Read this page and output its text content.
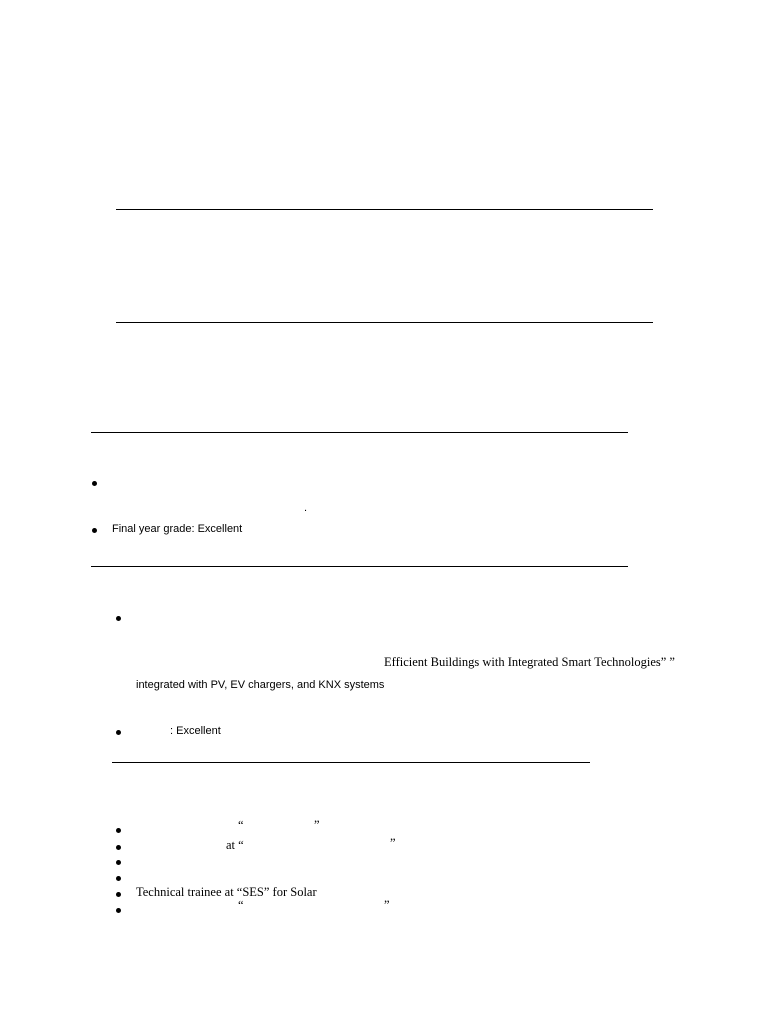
.
Final year grade: Excellent
Efficient Buildings with Integrated Smart Technologies” ”
integrated with PV, EV chargers, and KNX systems
: Excellent
“	”
at “	”
Technical trainee at “SES” for Solar
“	”
